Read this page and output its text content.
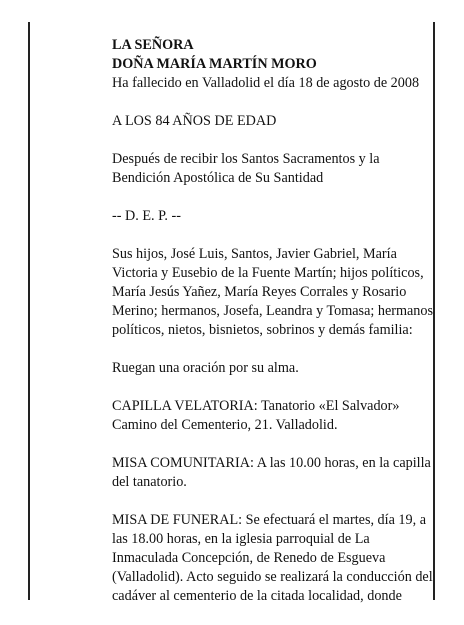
LA SEÑORA

DOÑA MARÍA MARTÍN MORO

Ha fallecido en Valladolid el día 18 de agosto de 2008

A LOS 84 AÑOS DE EDAD

Después de recibir los Santos Sacramentos y la Bendición Apostólica de Su Santidad

-- D. E. P. --

Sus hijos, José Luis, Santos, Javier Gabriel, María Victoria y Eusebio de la Fuente Martín; hijos políticos, María Jesús Yañez, María Reyes Corrales y Rosario Merino; hermanos, Josefa, Leandra y Tomasa; hermanos políticos, nietos, bisnietos, sobrinos y demás familia:

Ruegan una oración por su alma.

CAPILLA VELATORIA: Tanatorio «El Salvador» Camino del Cementerio, 21. Valladolid.

MISA COMUNITARIA: A las 10.00 horas, en la capilla del tanatorio.

MISA DE FUNERAL: Se efectuará el martes, día 19, a las 18.00 horas, en la iglesia parroquial de La Inmaculada Concepción, de Renedo de Esgueva (Valladolid). Acto seguido se realizará la conducción del cadáver al cementerio de la citada localidad, donde
